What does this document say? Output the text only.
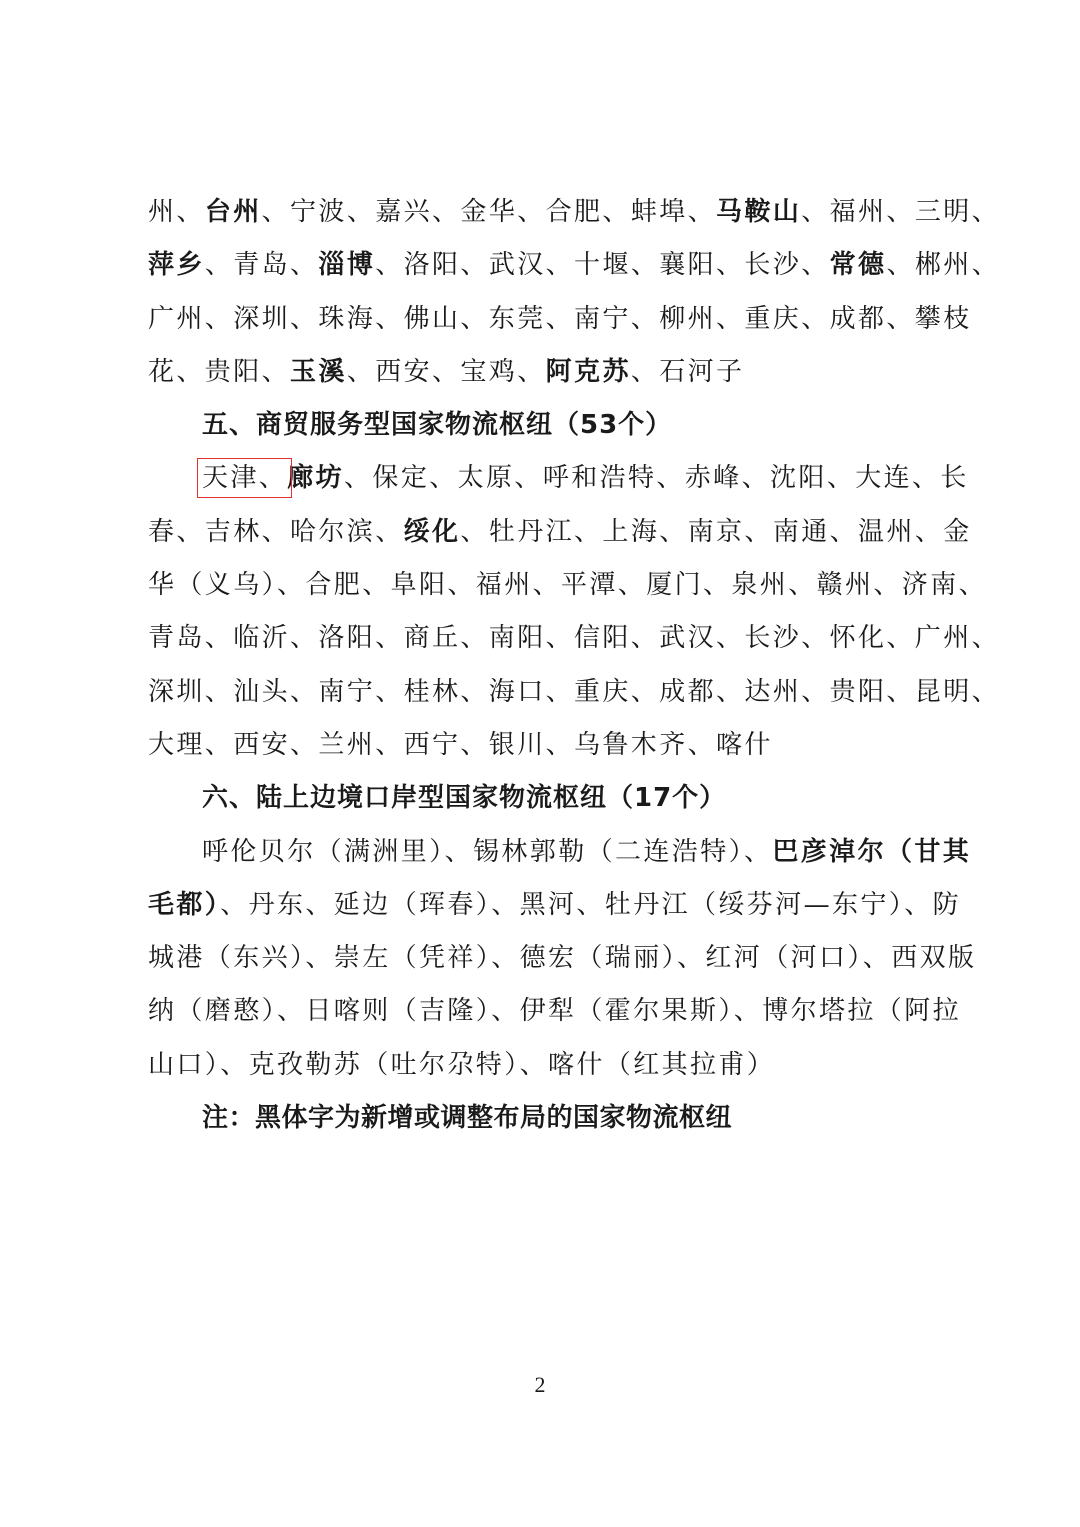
州、台州、宁波、嘉兴、金华、合肥、蚌埠、马鞍山、福州、三明、

萍乡、青岛、淄博、洛阳、武汉、十堰、襄阳、长沙、常德、郴州、

广州、深圳、珠海、佛山、东莞、南宁、柳州、重庆、成都、攀枝

花、贵阳、玉溪、西安、宝鸡、阿克苏、石河子

五、商贸服务型国家物流枢纽（53个）

天津、廊坊、保定、太原、呼和浩特、赤峰、沈阳、大连、长

春、吉林、哈尔滨、绥化、牡丹江、上海、南京、南通、温州、金

华（义乌）、合肥、阜阳、福州、平潭、厦门、泉州、赣州、济南、

青岛、临沂、洛阳、商丘、南阳、信阳、武汉、长沙、怀化、广州、

深圳、汕头、南宁、桂林、海口、重庆、成都、达州、贵阳、昆明、

大理、西安、兰州、西宁、银川、乌鲁木齐、喀什

六、陆上边境口岸型国家物流枢纽（17个）

呼伦贝尔（满洲里）、锡林郭勒（二连浩特）、巴彦淖尔（甘其

毛都）、丹东、延边（珲春）、黑河、牡丹江（绥芬河—东宁）、防

城港（东兴）、崇左（凭祥）、德宏（瑞丽）、红河（河口）、西双版

纳（磨憨）、日喀则（吉隆）、伊犁（霍尔果斯）、博尔塔拉（阿拉

山口）、克孜勒苏（吐尔尕特）、喀什（红其拉甫）

注：黑体字为新增或调整布局的国家物流枢纽

2
